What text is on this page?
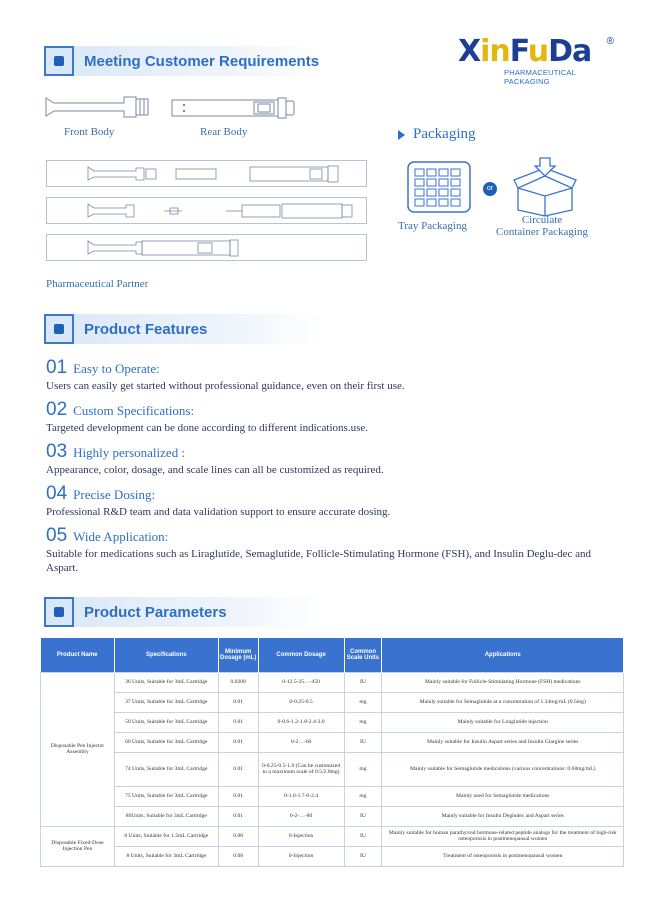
Meeting Customer Requirements	XinFuDa	®
PHARMACEUTICAL PACKAGING
Front Body	Rear Body
Pharmaceutical Partner
Packaging
or
Tray Packaging	Circulate
Container Packaging
Product Features
01 Easy to Operate:
Users can easily get started without professional guidance, even on their first use.
02 Custom Specifications:
Targeted development can be done according to different indications.use.
03 Highly personalized :
Appearance, color, dosage, and scale lines can all be customized as required.
04 Precise Dosing:
Professional R&D team and data validation support to ensure accurate dosing.
05 Wide Application:
Suitable for medications such as Liraglutide, Semaglutide, Follicle-Stimulating Hormone (FSH), and Insulin Deglu-dec and Aspart.
Product Parameters
Product Name	Specifications	Minimum Dosage (mL)	Common Dosage	Common Scale Units	Applications
Disposable Pen Injector Assembly	36 Units, Suitable for 3mL Cartridge	0.0208	0-12.5-25…-450	IU	Mainly suitable for Follicle-Stimulating Hormone (FSH) medications
	37 Units, Suitable for 3mL Cartridge	0.01	0-0.25-0.5	mg	Mainly suitable for Semaglutide at a concentration of 1.34mg/mL (0.5mg)
	50 Units, Suitable for 3mL Cartridge	0.01	0-0.6-1.2-1.8-2.4-3.0	mg	Mainly suitable for Liraglutide injection
	60 Units, Suitable for 3mL Cartridge	0.01	0-2…-60	IU	Mainly suitable for Insulin Aspart series and Insulin Glargine series
	74 Units, Suitable for 3mL Cartridge	0.01	0-0.25-0.5-1.0 (Can be customized to a maximum scale of 0.5/2.0mg)	mg	Mainly suitable for Semaglutide medications (various concentrations: 0.68mg/mL)
	75 Units, Suitable for 3mL Cartridge	0.01	0-1.0-1.7-0-2.4	mg	Mainly used for Semaglutide medications
	80Units, Suitable for 3mL Cartridge	0.01	0-2-…-80	IU	Mainly suitable for Insulin Degludec and Aspart series
Disposable Fixed-Dose Injection Pen	8 Units, Suitable for 1.5mL Cartridge	0.08	0-Injection	IU	Mainly suitable for human parathyroid hormone-related peptide analogs for the treatment of high-risk osteoporosis in postmenopausal women
	8 Units, Suitable for 3mL Cartridge	0.08	0-Injection	IU	Treatment of osteoporosis in postmenopausal women
